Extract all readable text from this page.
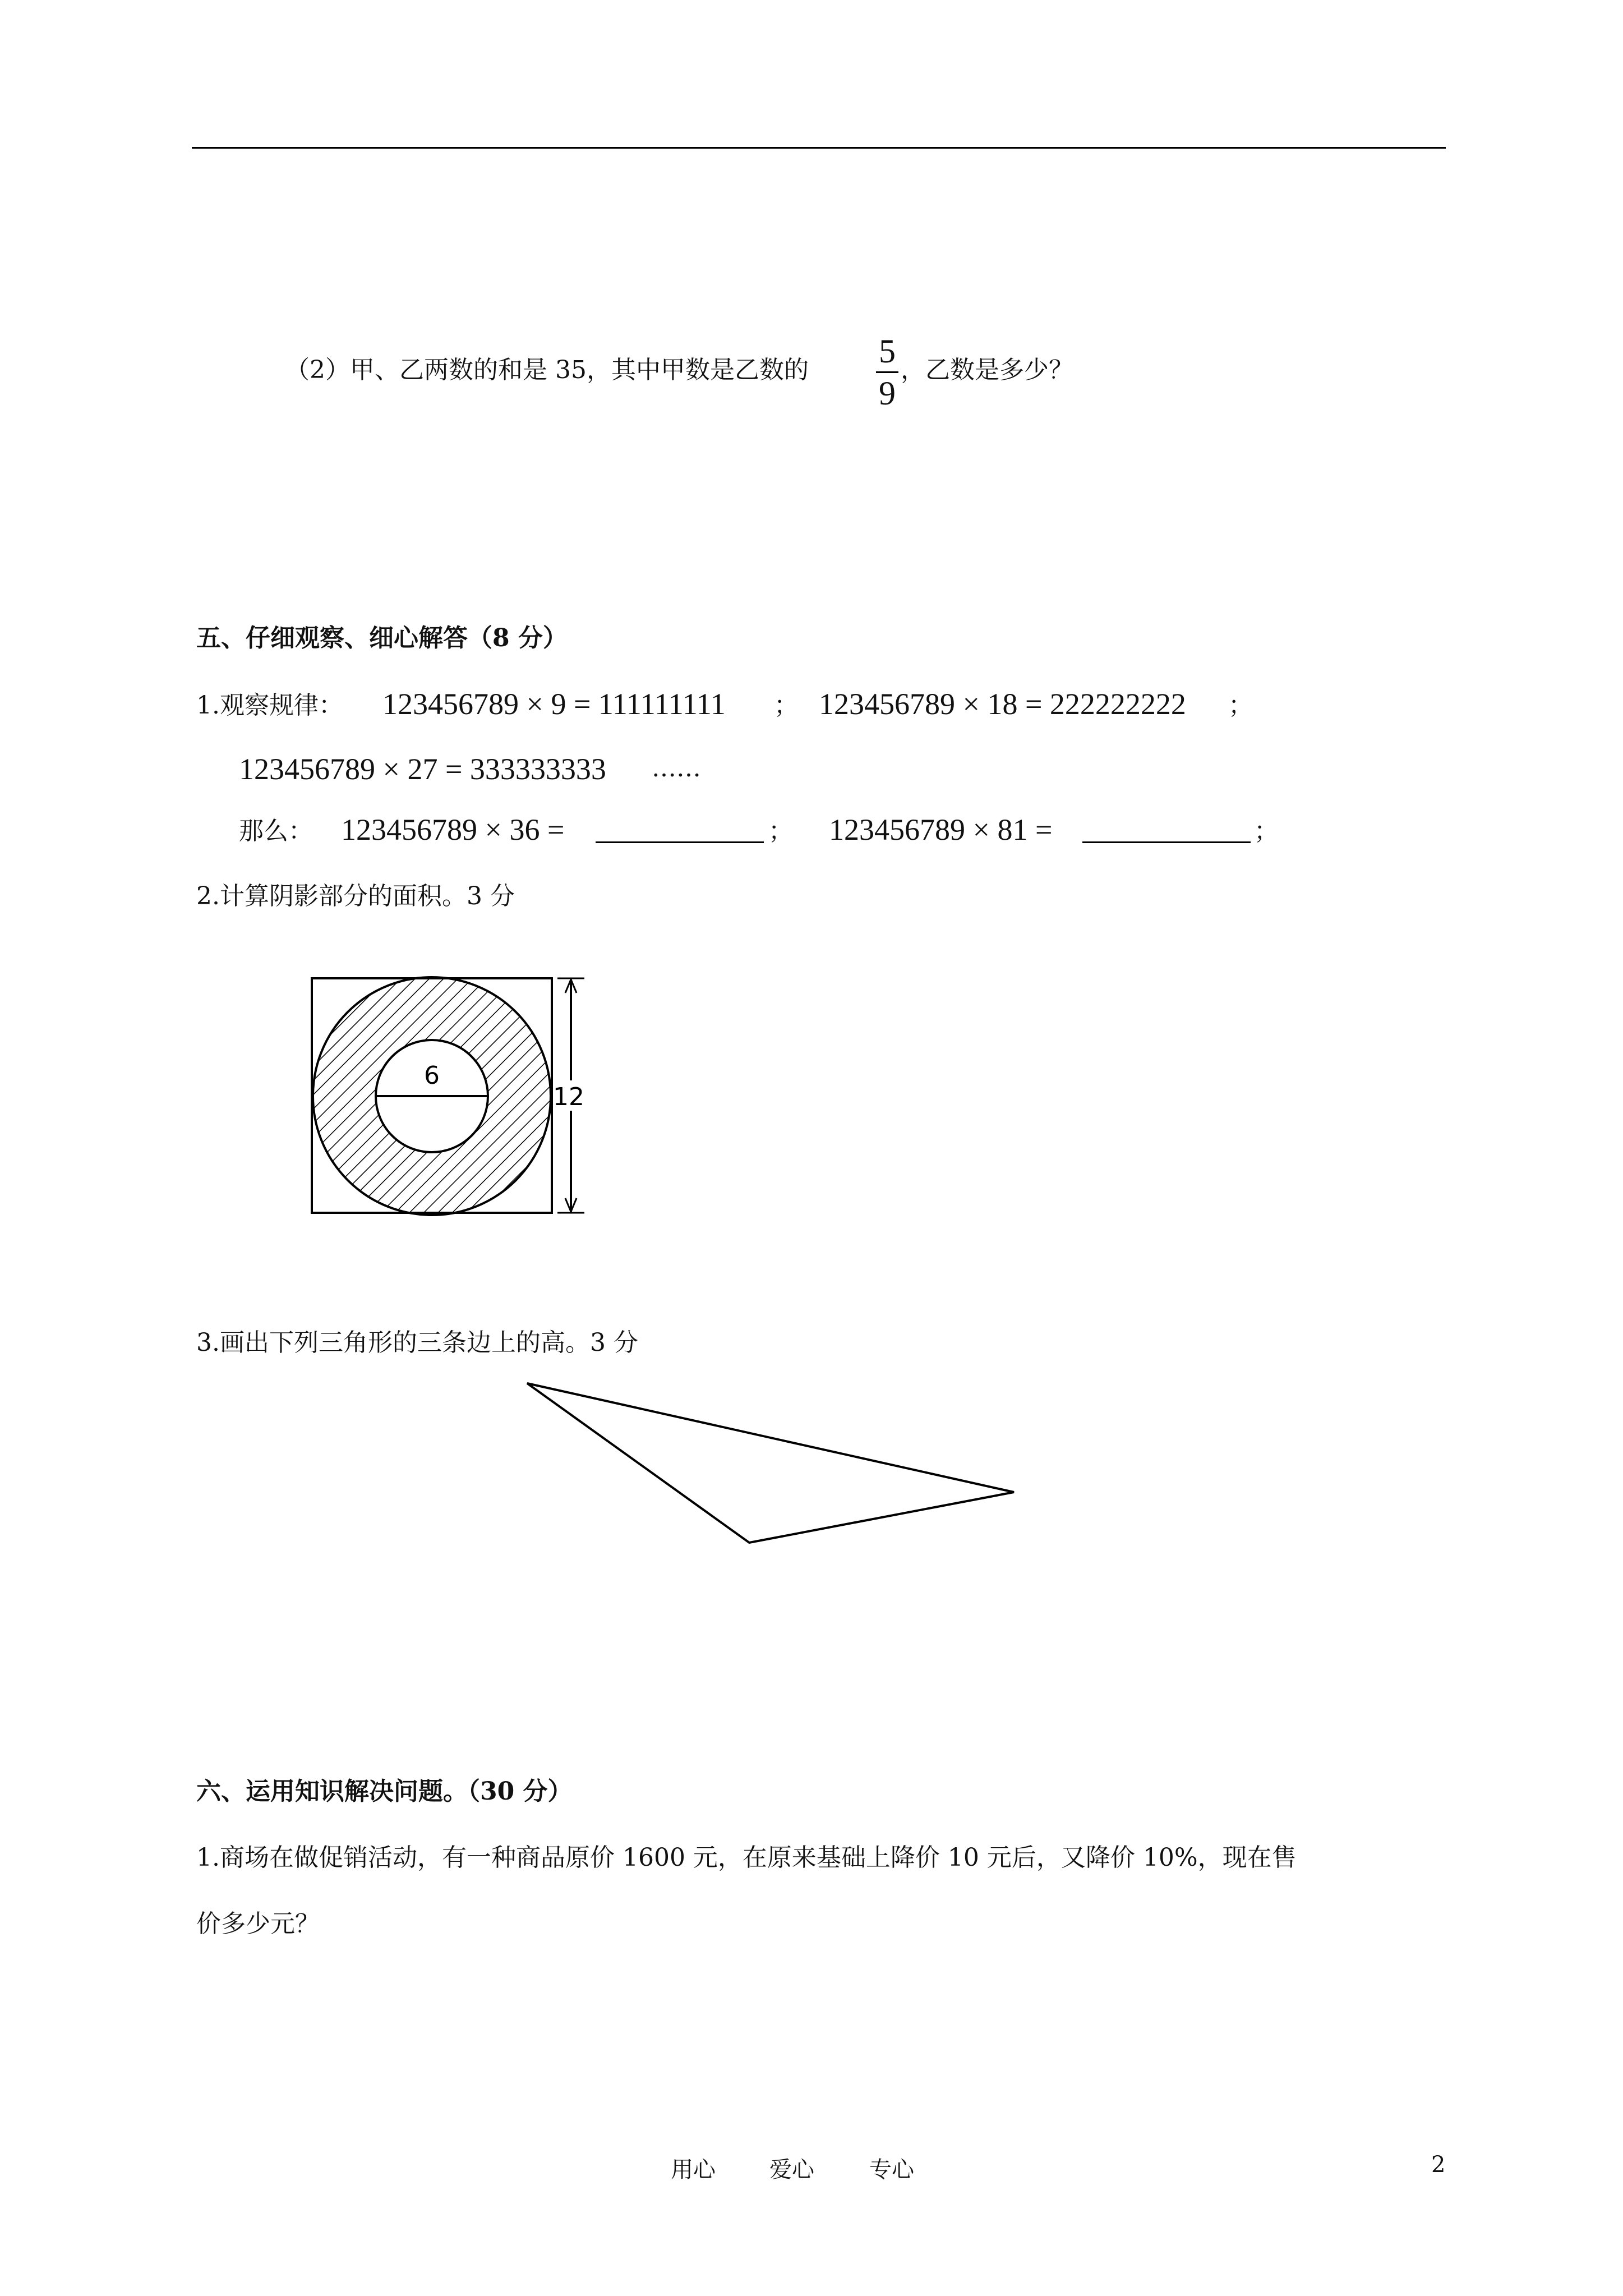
（2）甲、乙两数的和是 35，其中甲数是乙数的
5
9
，乙数是多少？
五、仔细观察、细心解答（8 分）
1.观察规律： 123456789 × 9 = 111111111 ； 123456789 × 18 = 222222222 ；
123456789 × 27 = 333333333 ……
那么： 123456789 × 36 =	； 123456789 × 81 =	；
2.计算阴影部分的面积。3 分
6
12
3.画出下列三角形的三条边上的高。3 分
六、运用知识解决问题。（30 分）
1.商场在做促销活动，有一种商品原价 1600 元，在原来基础上降价 10 元后，又降价 10%，现在售
价多少元？
用心 爱心 专心	2
